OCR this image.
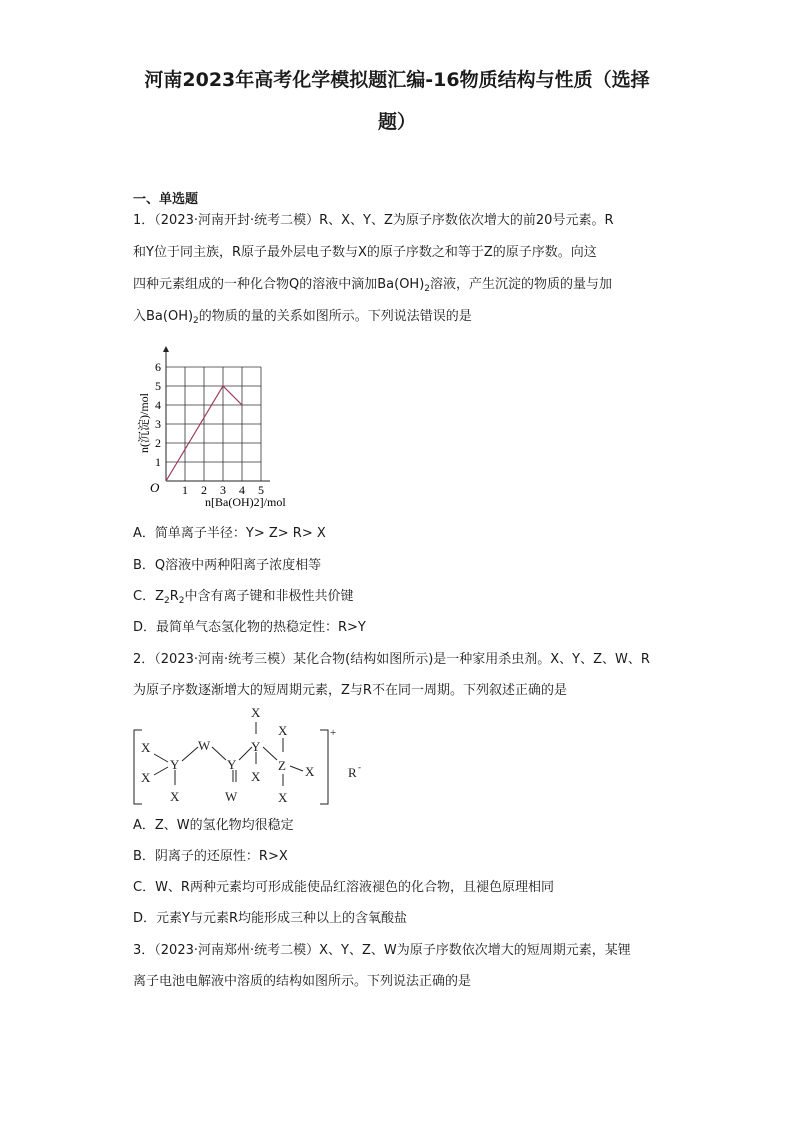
河南2023年高考化学模拟题汇编-16物质结构与性质（选择
题）
一、单选题
1．（2023·河南开封·统考二模）R、X、Y、Z为原子序数依次增大的前20号元素。R
和Y位于同主族，R原子最外层电子数与X的原子序数之和等于Z的原子序数。向这
四种元素组成的一种化合物Q的溶液中滴加$Ba(OH)_2$溶液，产生沉淀的物质的量与加
入$Ba(OH)_2$的物质的量的关系如图所示。下列说法错误的是
1 2 3 4 5
1
2
3
4
5
6
O
n[Ba(OH)2]/mol
n(沉淀)/mol
A．简单离子半径：Y> Z> R> X
B．Q溶液中两种阳离子浓度相等
C．$Z_2R_2$中含有离子键和非极性共价键
D．最简单气态氢化物的热稳定性：R>Y
2．（2023·河南·统考三模）某化合物(结构如图所示)是一种家用杀虫剂。X、Y、Z、W、R
为原子序数逐渐增大的短周期元素，Z与R不在同一周期。下列叙述正确的是
X
X
Y
X
W
Y
W
X
Y
X
X
Z X
X
+
R -
A．Z、W的氢化物均很稳定
B．阴离子的还原性：R>X
C．W、R两种元素均可形成能使品红溶液褪色的化合物，且褪色原理相同
D．元素Y与元素R均能形成三种以上的含氧酸盐
3．（2023·河南郑州·统考二模）X、Y、Z、W为原子序数依次增大的短周期元素，某锂
离子电池电解液中溶质的结构如图所示。下列说法正确的是
